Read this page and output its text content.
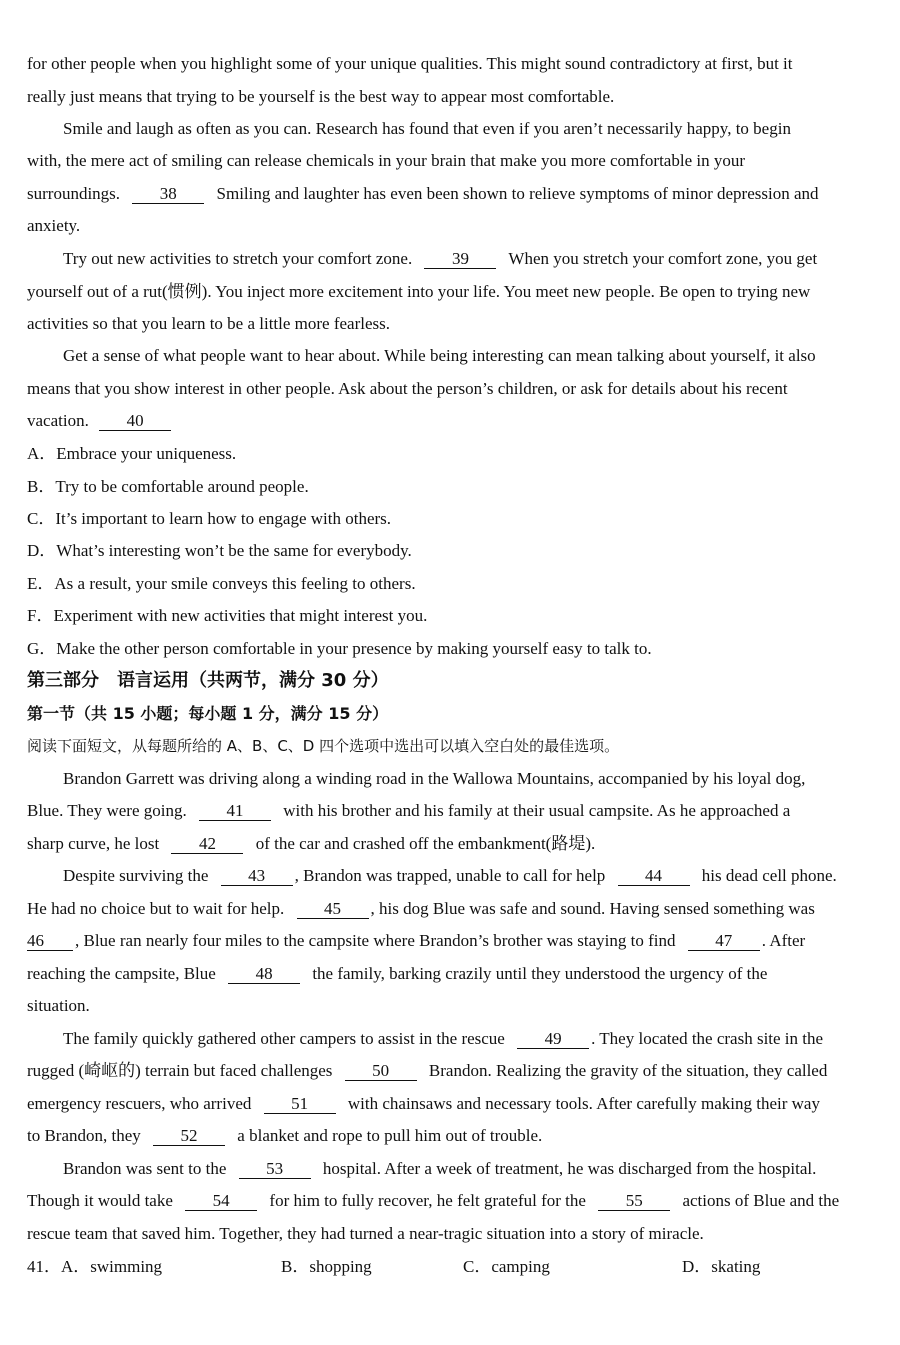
for other people when you highlight some of your unique qualities. This might sound contradictory at first, but it
really just means that trying to be yourself is the best way to appear most comfortable.
Smile and laugh as often as you can. Research has found that even if you aren’t necessarily happy, to begin
with, the mere act of smiling can release chemicals in your brain that make you more comfortable in your
surroundings. 38 Smiling and laughter has even been shown to relieve symptoms of minor depression and
anxiety.
Try out new activities to stretch your comfort zone. 39 When you stretch your comfort zone, you get
yourself out of a rut(惯例). You inject more excitement into your life. You meet new people. Be open to trying new
activities so that you learn to be a little more fearless.
Get a sense of what people want to hear about. While being interesting can mean talking about yourself, it also
means that you show interest in other people. Ask about the person’s children, or ask for details about his recent
vacation. 40
A．Embrace your uniqueness.
B．Try to be comfortable around people.
C．It’s important to learn how to engage with others.
D．What’s interesting won’t be the same for everybody.
E．As a result, your smile conveys this feeling to others.
F．Experiment with new activities that might interest you.
G．Make the other person comfortable in your presence by making yourself easy to talk to.
第三部分　语言运用（共两节，满分 30 分）
第一节（共 15 小题；每小题 1 分，满分 15 分）
阅读下面短文，从每题所给的 A、B、C、D 四个选项中选出可以填入空白处的最佳选项。
Brandon Garrett was driving along a winding road in the Wallowa Mountains, accompanied by his loyal dog,
Blue. They were going. 41 with his brother and his family at their usual campsite. As he approached a
sharp curve, he lost 42 of the car and crashed off the embankment(路堤).
Despite surviving the 43 , Brandon was trapped, unable to call for help 44 his dead cell phone.
He had no choice but to wait for help. 45 , his dog Blue was safe and sound. Having sensed something was
46 , Blue ran nearly four miles to the campsite where Brandon’s brother was staying to find 47 . After
reaching the campsite, Blue 48 the family, barking crazily until they understood the urgency of the
situation.
The family quickly gathered other campers to assist in the rescue 49 . They located the crash site in the
rugged (崎岖的) terrain but faced challenges 50 Brandon. Realizing the gravity of the situation, they called
emergency rescuers, who arrived 51 with chainsaws and necessary tools. After carefully making their way
to Brandon, they 52 a blanket and rope to pull him out of trouble.
Brandon was sent to the 53 hospital. After a week of treatment, he was discharged from the hospital.
Though it would take 54 for him to fully recover, he felt grateful for the 55 actions of Blue and the
rescue team that saved him. Together, they had turned a near-tragic situation into a story of miracle.
41． A．swimming	B．shopping	C．camping	D．skating
